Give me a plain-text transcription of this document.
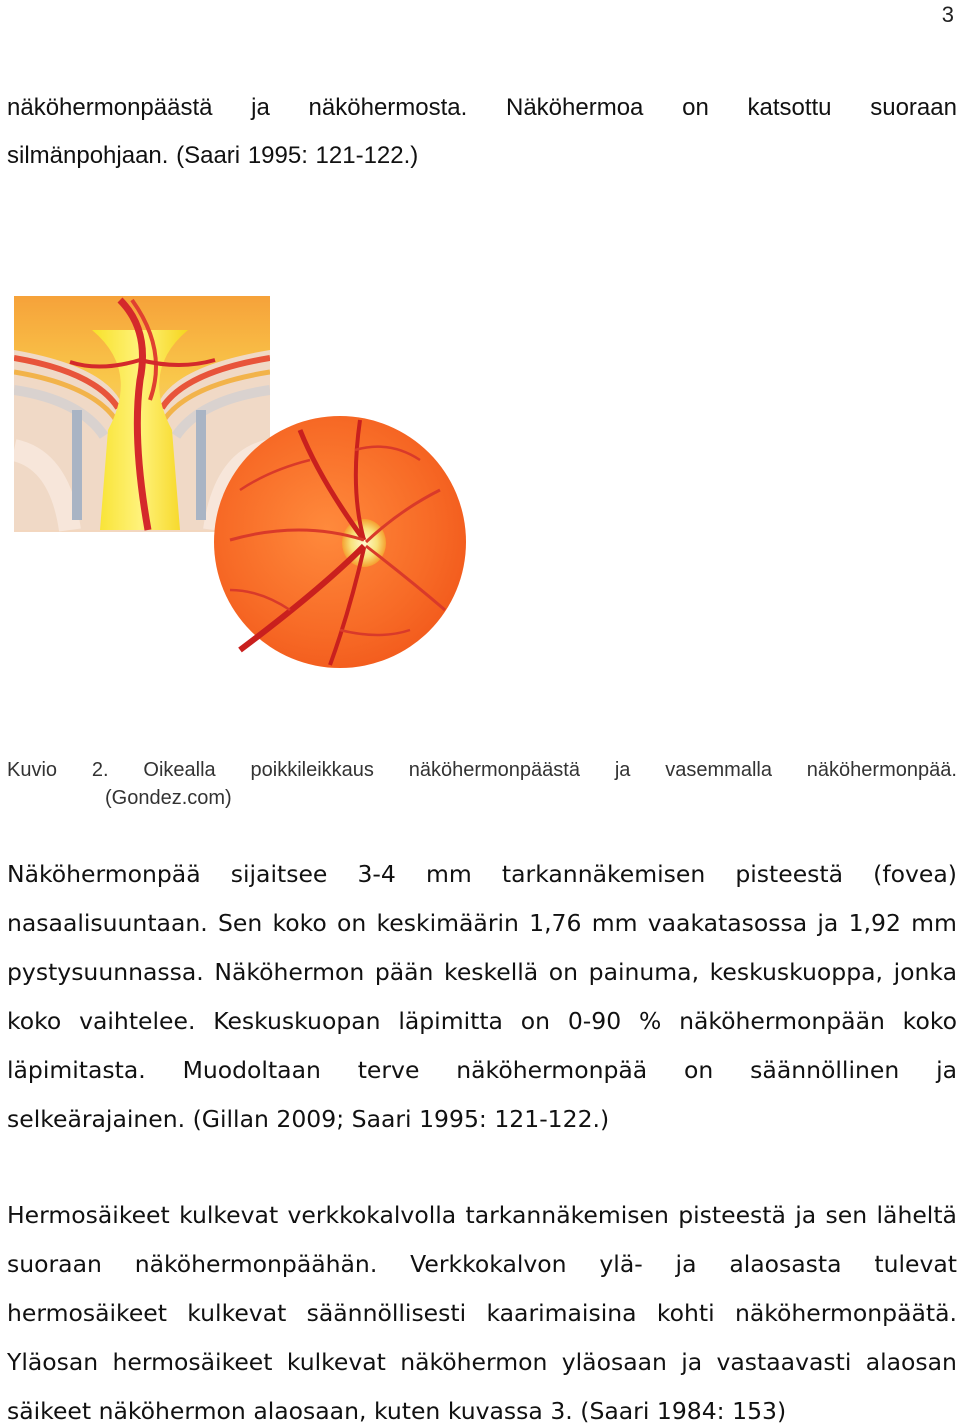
3
näköhermonpäästä ja näköhermosta. Näköhermoa on katsottu suoraan
silmänpohjaan. (Saari 1995: 121-122.)
Kuvio 2. Oikealla poikkileikkaus näköhermonpäästä ja vasemmalla näköhermonpää.
(Gondez.com)
Näköhermonpää sijaitsee 3-4 mm tarkannäkemisen pisteestä (fovea)
nasaalisuuntaan. Sen koko on keskimäärin 1,76 mm vaakatasossa ja 1,92 mm
pystysuunnassa. Näköhermon pään keskellä on painuma, keskuskuoppa, jonka
koko vaihtelee. Keskuskuopan läpimitta on 0-90 % näköhermonpään koko
läpimitasta. Muodoltaan terve näköhermonpää on säännöllinen ja
selkeärajainen. (Gillan 2009; Saari 1995: 121-122.)
Hermosäikeet kulkevat verkkokalvolla tarkannäkemisen pisteestä ja sen läheltä
suoraan näköhermonpäähän. Verkkokalvon ylä- ja alaosasta tulevat
hermosäikeet kulkevat säännöllisesti kaarimaisina kohti näköhermonpäätä.
Yläosan hermosäikeet kulkevat näköhermon yläosaan ja vastaavasti alaosan
säikeet näköhermon alaosaan, kuten kuvassa 3. (Saari 1984: 153)
